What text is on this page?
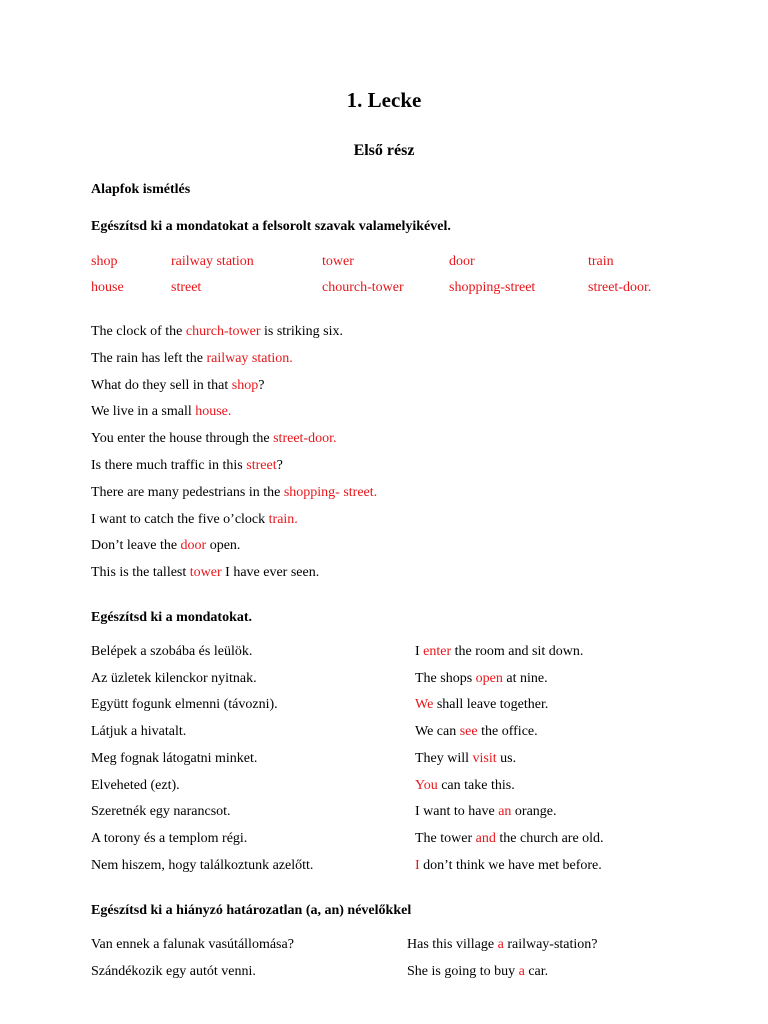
1. Lecke
Első rész
Alapfok ismétlés
Egészítsd ki a mondatokat a felsorolt szavak valamelyikével.
shop	railway station	tower	door	train
house	street	chourch-tower	shopping-street	street-door.
The clock of the church-tower is striking six.
The rain has left the railway station.
What do they sell in that shop?
We live in a small house.
You enter the house through the street-door.
Is there much traffic in this street?
There are many pedestrians in the shopping- street.
I want to catch the five o’clock train.
Don’t leave the door open.
This is the tallest tower I have ever seen.
Egészítsd ki a mondatokat.
Belépek a szobába és leülök.	I enter the room and sit down.
Az üzletek kilenckor nyitnak.	The shops open at nine.
Együtt fogunk elmenni (távozni).	We shall leave together.
Látjuk a hivatalt.	We can see the office.
Meg fognak látogatni minket.	They will visit us.
Elveheted (ezt).	You can take this.
Szeretnék egy narancsot.	I want to have an orange.
A torony és a templom régi.	The tower and the church are old.
Nem hiszem, hogy találkoztunk azelőtt.	I don’t think we have met before.
Egészítsd ki a hiányzó határozatlan (a, an) névelőkkel
Van ennek a falunak vasútállomása?	Has this village a railway-station?
Szándékozik egy autót venni.	She is going to buy a car.
